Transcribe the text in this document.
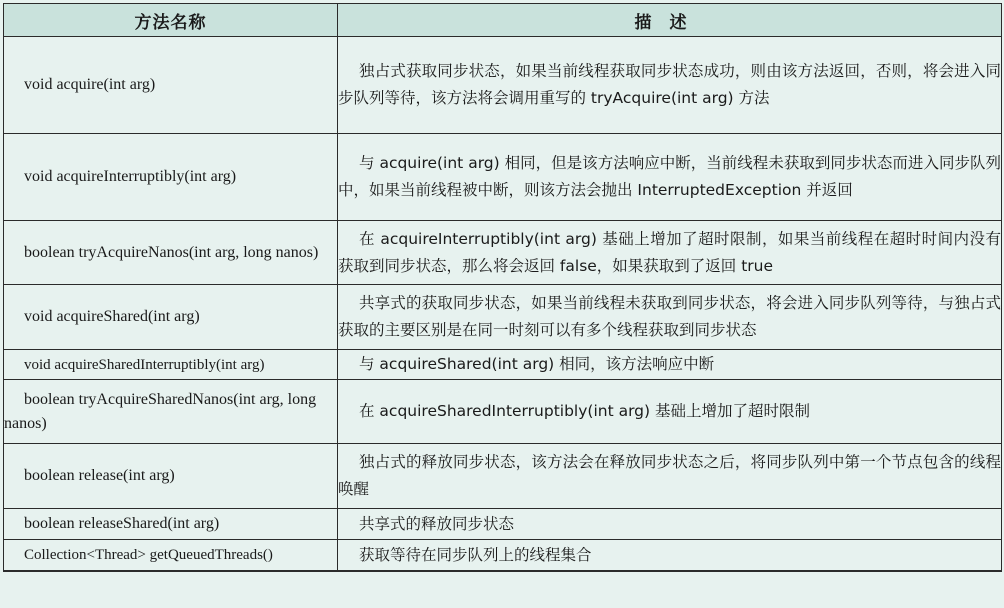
方法名称	描述

void acquire(int arg)	独占式获取同步状态，如果当前线程获取同步状态成功，则由该方法返回，否则，将会进入同步队列等待，该方法将会调用重写的 tryAcquire(int arg) 方法

void acquireInterruptibly(int arg)	与 acquire(int arg) 相同，但是该方法响应中断，当前线程未获取到同步状态而进入同步队列中，如果当前线程被中断，则该方法会抛出 InterruptedException 并返回

boolean tryAcquireNanos(int arg, long nanos)	在 acquireInterruptibly(int arg) 基础上增加了超时限制，如果当前线程在超时时间内没有获取到同步状态，那么将会返回 false，如果获取到了返回 true

void acquireShared(int arg)	共享式的获取同步状态，如果当前线程未获取到同步状态，将会进入同步队列等待，与独占式获取的主要区别是在同一时刻可以有多个线程获取到同步状态

void acquireSharedInterruptibly(int arg)	与 acquireShared(int arg) 相同，该方法响应中断

boolean tryAcquireSharedNanos(int arg, long nanos)	在 acquireSharedInterruptibly(int arg) 基础上增加了超时限制

boolean release(int arg)	独占式的释放同步状态，该方法会在释放同步状态之后，将同步队列中第一个节点包含的线程唤醒

boolean releaseShared(int arg)	共享式的释放同步状态

Collection<Thread> getQueuedThreads()	获取等待在同步队列上的线程集合
